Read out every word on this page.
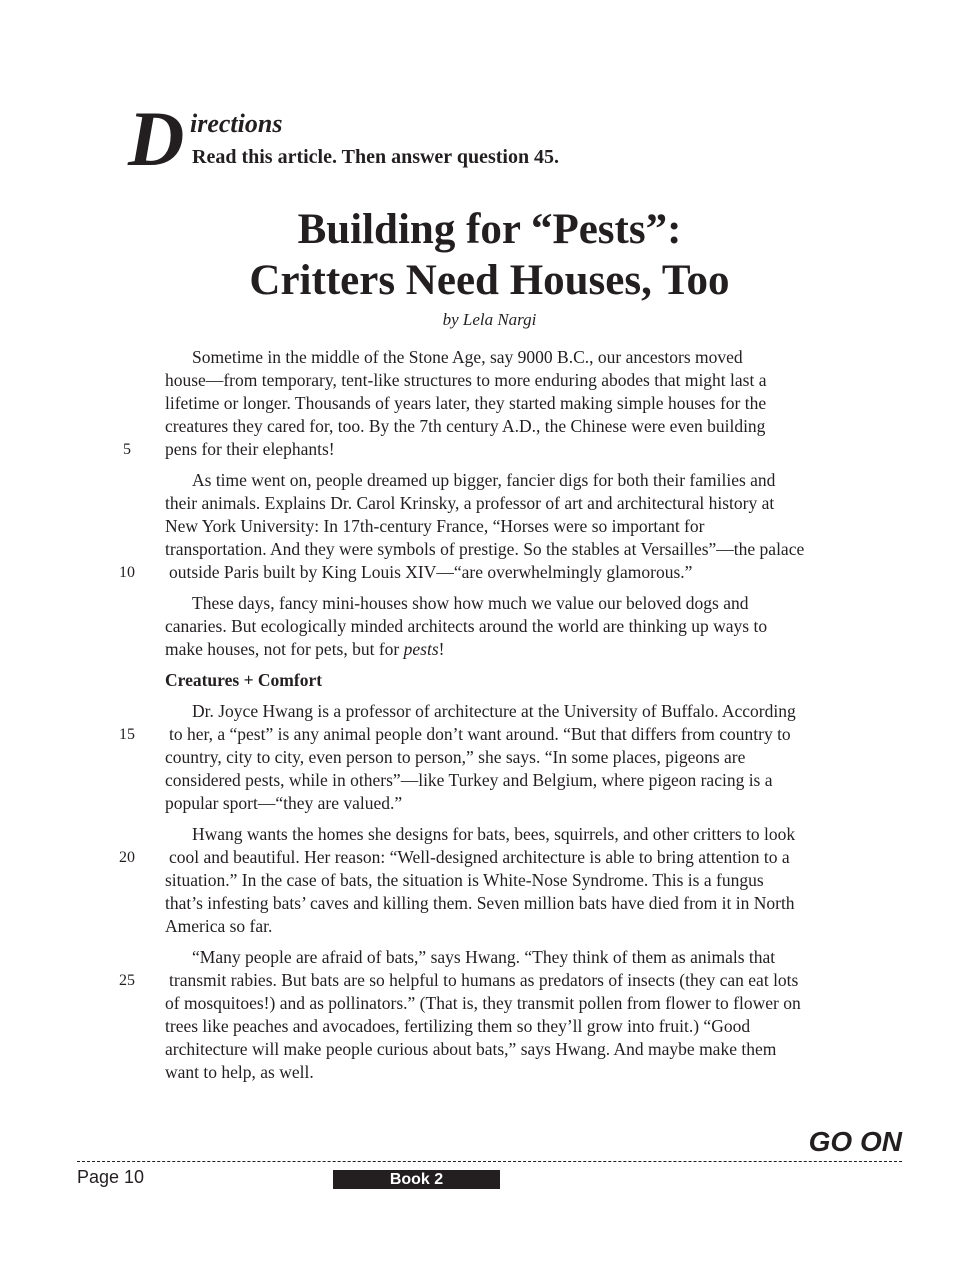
D irections
Read this article. Then answer question 45.
Building for “Pests”:
Critters Need Houses, Too
by Lela Nargi
Sometime in the middle of the Stone Age, say 9000 B.C., our ancestors moved
house—from temporary, tent-like structures to more enduring abodes that might last a
lifetime or longer. Thousands of years later, they started making simple houses for the
creatures they cared for, too. By the 7th century A.D., the Chinese were even building
pens for their elephants!
As time went on, people dreamed up bigger, fancier digs for both their families and
their animals. Explains Dr. Carol Krinsky, a professor of art and architectural history at
New York University: In 17th-century France, “Horses were so important for
transportation. And they were symbols of prestige. So the stables at Versailles”—the palace
outside Paris built by King Louis XIV—“are overwhelmingly glamorous.”
These days, fancy mini-houses show how much we value our beloved dogs and
canaries. But ecologically minded architects around the world are thinking up ways to
make houses, not for pets, but for pests!
Creatures + Comfort
Dr. Joyce Hwang is a professor of architecture at the University of Buffalo. According
to her, a “pest” is any animal people don’t want around. “But that differs from country to
country, city to city, even person to person,” she says. “In some places, pigeons are
considered pests, while in others”—like Turkey and Belgium, where pigeon racing is a
popular sport—“they are valued.”
Hwang wants the homes she designs for bats, bees, squirrels, and other critters to look
cool and beautiful. Her reason: “Well-designed architecture is able to bring attention to a
situation.” In the case of bats, the situation is White-Nose Syndrome. This is a fungus
that’s infesting bats’ caves and killing them. Seven million bats have died from it in North
America so far.
“Many people are afraid of bats,” says Hwang. “They think of them as animals that
transmit rabies. But bats are so helpful to humans as predators of insects (they can eat lots
of mosquitoes!) and as pollinators.” (That is, they transmit pollen from flower to flower on
trees like peaches and avocadoes, fertilizing them so they’ll grow into fruit.) “Good
architecture will make people curious about bats,” says Hwang. And maybe make them
want to help, as well.
5
10
15
20
25
GO ON
Page 10	Book 2
